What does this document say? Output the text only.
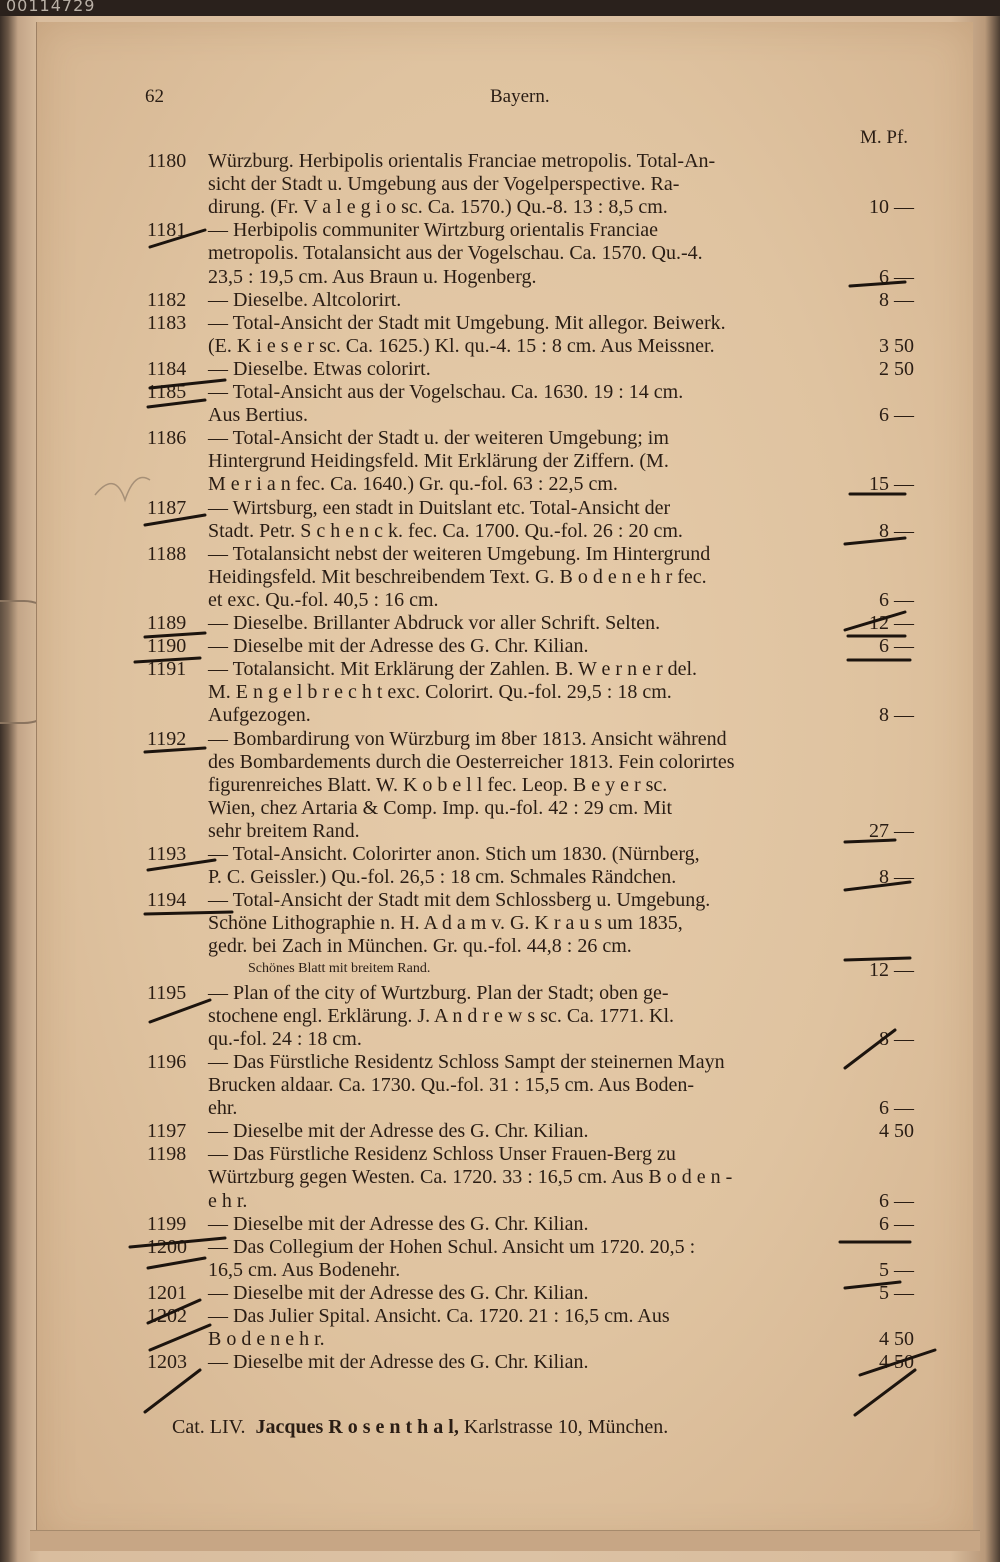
00114729
62	Bayern.
M. Pf.
1180 Würzburg. Herbipolis orientalis Franciae metropolis. Total-An-
sicht der Stadt u. Umgebung aus der Vogelperspective. Ra-
dirung. (Fr. V a l e g i o sc. Ca. 1570.) Qu.-8. 13 : 8,5 cm.	10 —
1181 — Herbipolis communiter Wirtzburg orientalis Franciae
metropolis. Totalansicht aus der Vogelschau. Ca. 1570. Qu.-4.
23,5 : 19,5 cm. Aus Braun u. Hogenberg.	6 —
1182 — Dieselbe. Altcolorirt.	8 —
1183 — Total-Ansicht der Stadt mit Umgebung. Mit allegor. Beiwerk.
(E. K i e s e r sc. Ca. 1625.) Kl. qu.-4. 15 : 8 cm. Aus Meissner.	3 50
1184 — Dieselbe. Etwas colorirt.	2 50
1185 — Total-Ansicht aus der Vogelschau. Ca. 1630. 19 : 14 cm.
Aus Bertius.	6 —
1186 — Total-Ansicht der Stadt u. der weiteren Umgebung; im
Hintergrund Heidingsfeld. Mit Erklärung der Ziffern. (M.
M e r i a n fec. Ca. 1640.) Gr. qu.-fol. 63 : 22,5 cm.	15 —
1187 — Wirtsburg, een stadt in Duitslant etc. Total-Ansicht der
Stadt. Petr. S c h e n c k. fec. Ca. 1700. Qu.-fol. 26 : 20 cm.	8 —
1188 — Totalansicht nebst der weiteren Umgebung. Im Hintergrund
Heidingsfeld. Mit beschreibendem Text. G. B o d e n e h r fec.
et exc. Qu.-fol. 40,5 : 16 cm.	6 —
1189 — Dieselbe. Brillanter Abdruck vor aller Schrift. Selten.	12 —
1190 — Dieselbe mit der Adresse des G. Chr. Kilian.	6 —
1191 — Totalansicht. Mit Erklärung der Zahlen. B. W e r n e r del.
M. E n g e l b r e c h t exc. Colorirt. Qu.-fol. 29,5 : 18 cm.
Aufgezogen.	8 —
1192 — Bombardirung von Würzburg im 8ber 1813. Ansicht während
des Bombardements durch die Oesterreicher 1813. Fein colorirtes
figurenreiches Blatt. W. K o b e l l fec. Leop. B e y e r sc.
Wien, chez Artaria & Comp. Imp. qu.-fol. 42 : 29 cm. Mit
sehr breitem Rand.	27 —
1193 — Total-Ansicht. Colorirter anon. Stich um 1830. (Nürnberg,
P. C. Geissler.) Qu.-fol. 26,5 : 18 cm. Schmales Rändchen.	8 —
1194 — Total-Ansicht der Stadt mit dem Schlossberg u. Umgebung.
Schöne Lithographie n. H. A d a m v. G. K r a u s um 1835,
gedr. bei Zach in München. Gr. qu.-fol. 44,8 : 26 cm.
Schönes Blatt mit breitem Rand.	12 —
1195 — Plan of the city of Wurtzburg. Plan der Stadt; oben ge-
stochene engl. Erklärung. J. A n d r e w s sc. Ca. 1771. Kl.
qu.-fol. 24 : 18 cm.	8 —
1196 — Das Fürstliche Residentz Schloss Sampt der steinernen Mayn
Brucken aldaar. Ca. 1730. Qu.-fol. 31 : 15,5 cm. Aus Boden-
ehr.	6 —
1197 — Dieselbe mit der Adresse des G. Chr. Kilian.	4 50
1198 — Das Fürstliche Residenz Schloss Unser Frauen-Berg zu
Würtzburg gegen Westen. Ca. 1720. 33 : 16,5 cm. Aus B o d e n -
e h r.	6 —
1199 — Dieselbe mit der Adresse des G. Chr. Kilian.	6 —
1200 — Das Collegium der Hohen Schul. Ansicht um 1720. 20,5 :
16,5 cm. Aus Bodenehr.	5 —
1201 — Dieselbe mit der Adresse des G. Chr. Kilian.	5 —
1202 — Das Julier Spital. Ansicht. Ca. 1720. 21 : 16,5 cm. Aus
B o d e n e h r.	4 50
1203 — Dieselbe mit der Adresse des G. Chr. Kilian.	4 50
Cat. LIV. Jacques R o s e n t h a l, Karlstrasse 10, München.
